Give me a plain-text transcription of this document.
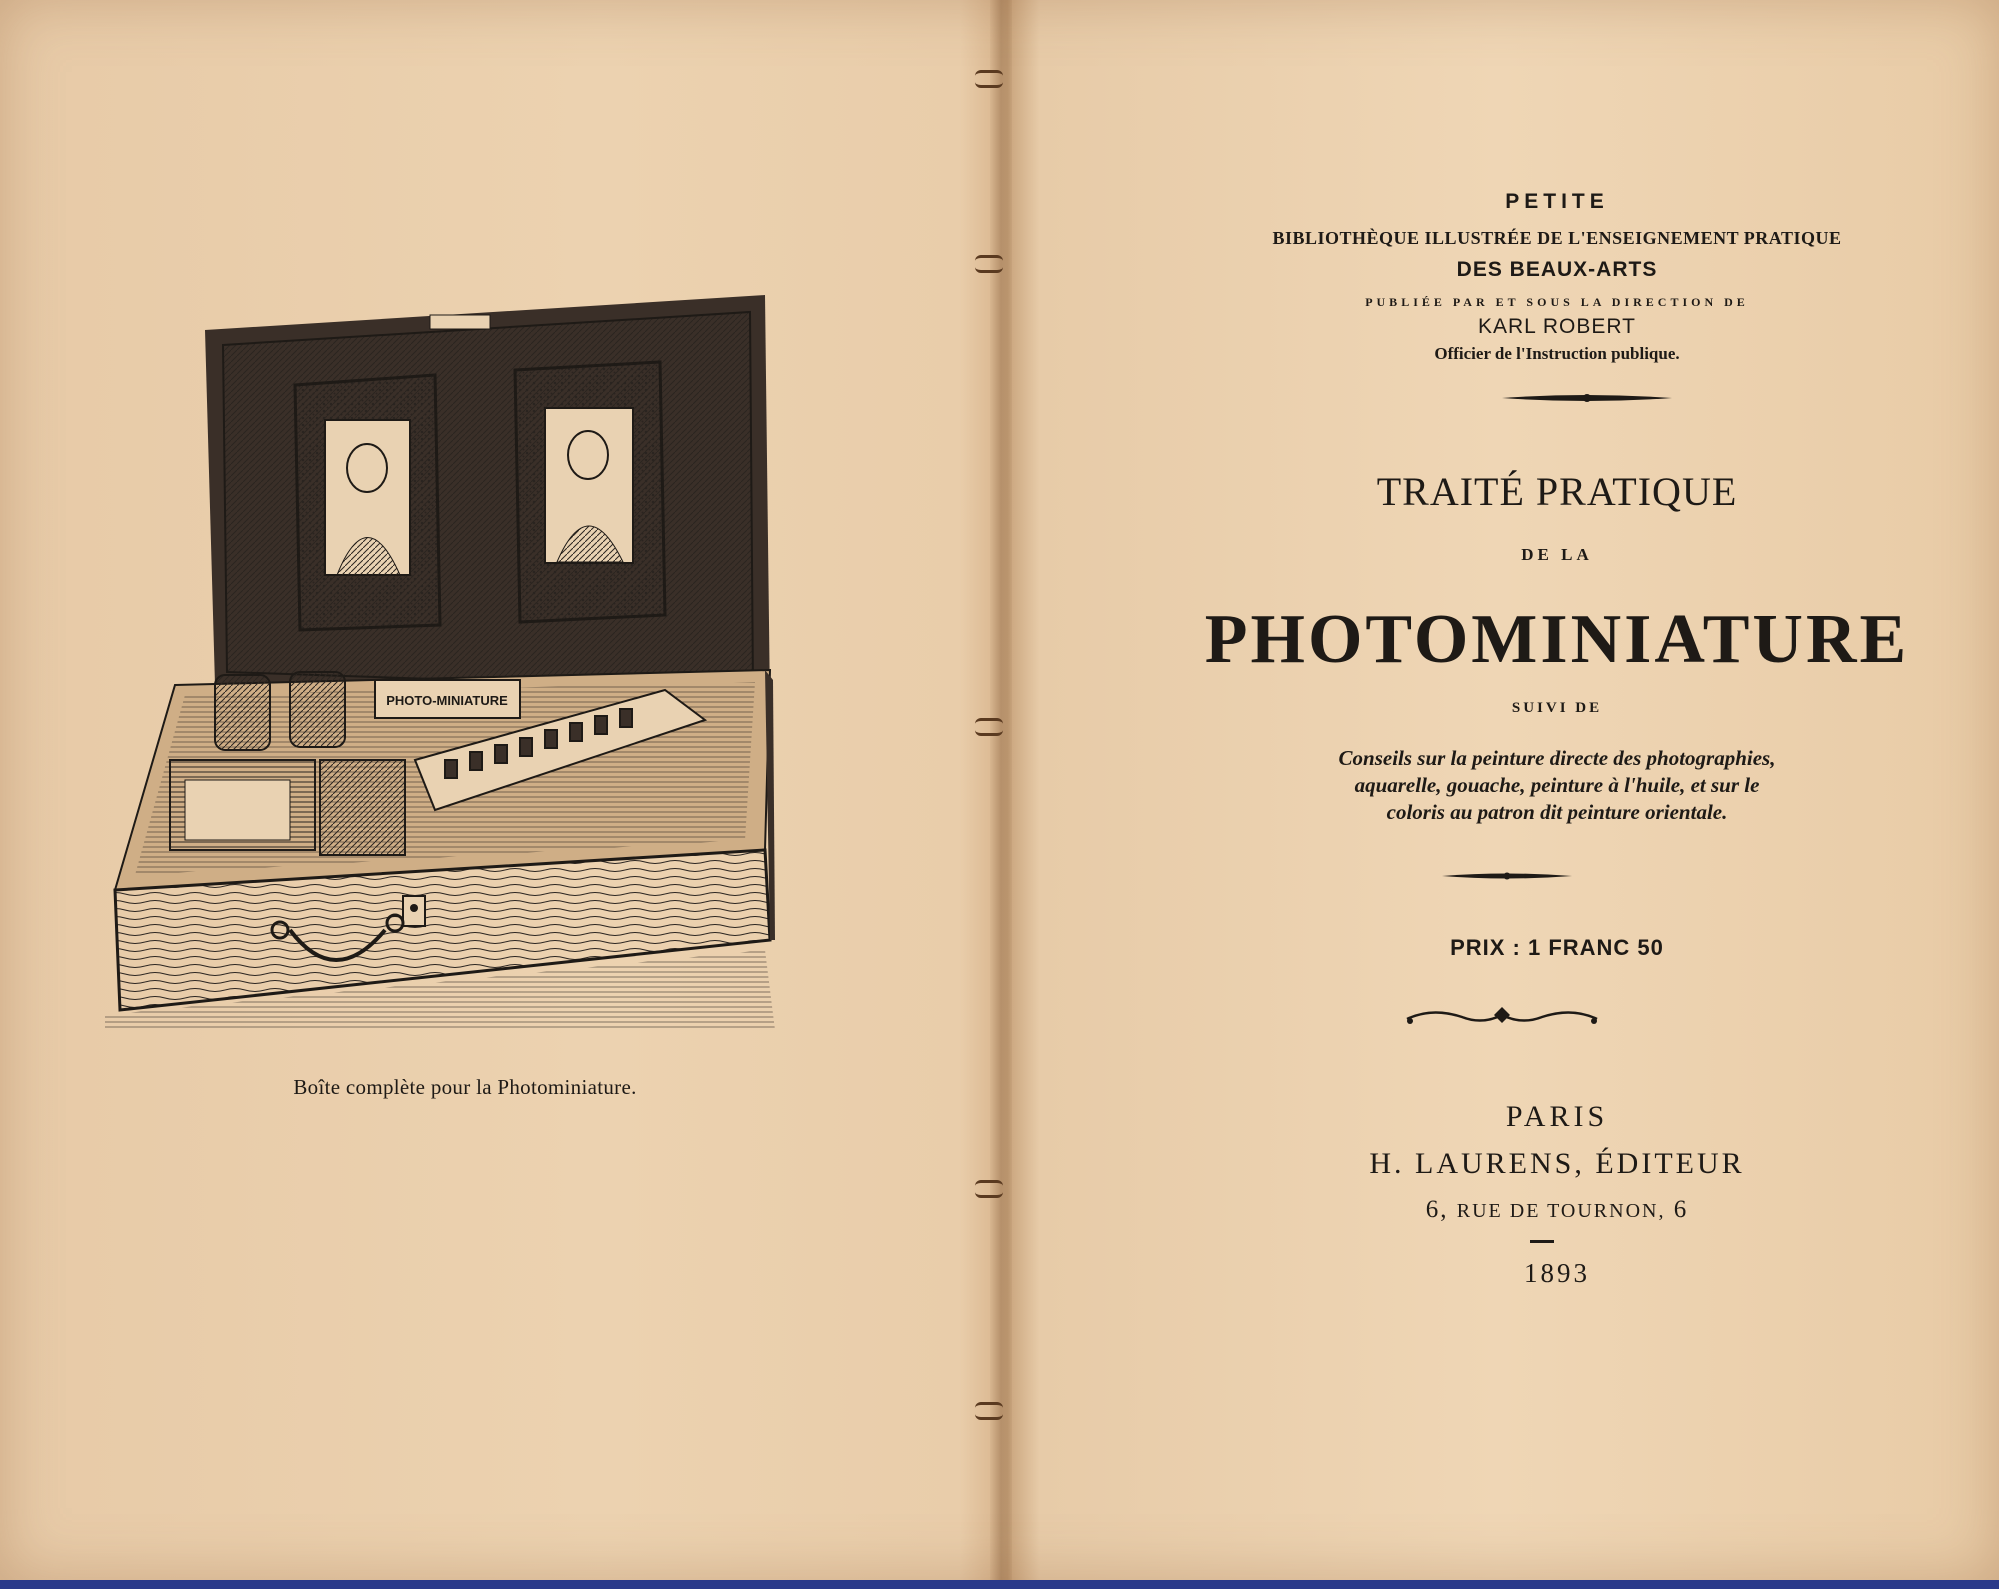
PHOTO-MINIATURE
Boîte complète pour la Photominiature.
PETITE
BIBLIOTHÈQUE ILLUSTRÉE DE L'ENSEIGNEMENT PRATIQUE
DES BEAUX-ARTS
PUBLIÉE PAR ET SOUS LA DIRECTION DE
KARL ROBERT
Officier de l'Instruction publique.
TRAITÉ PRATIQUE
DE LA
PHOTOMINIATURE
SUIVI DE
Conseils sur la peinture directe des photographies,
aquarelle, gouache, peinture à l'huile, et sur le
coloris au patron dit peinture orientale.
PRIX : 1 FRANC 50
PARIS
H. LAURENS, ÉDITEUR
6, RUE DE TOURNON, 6
1893
